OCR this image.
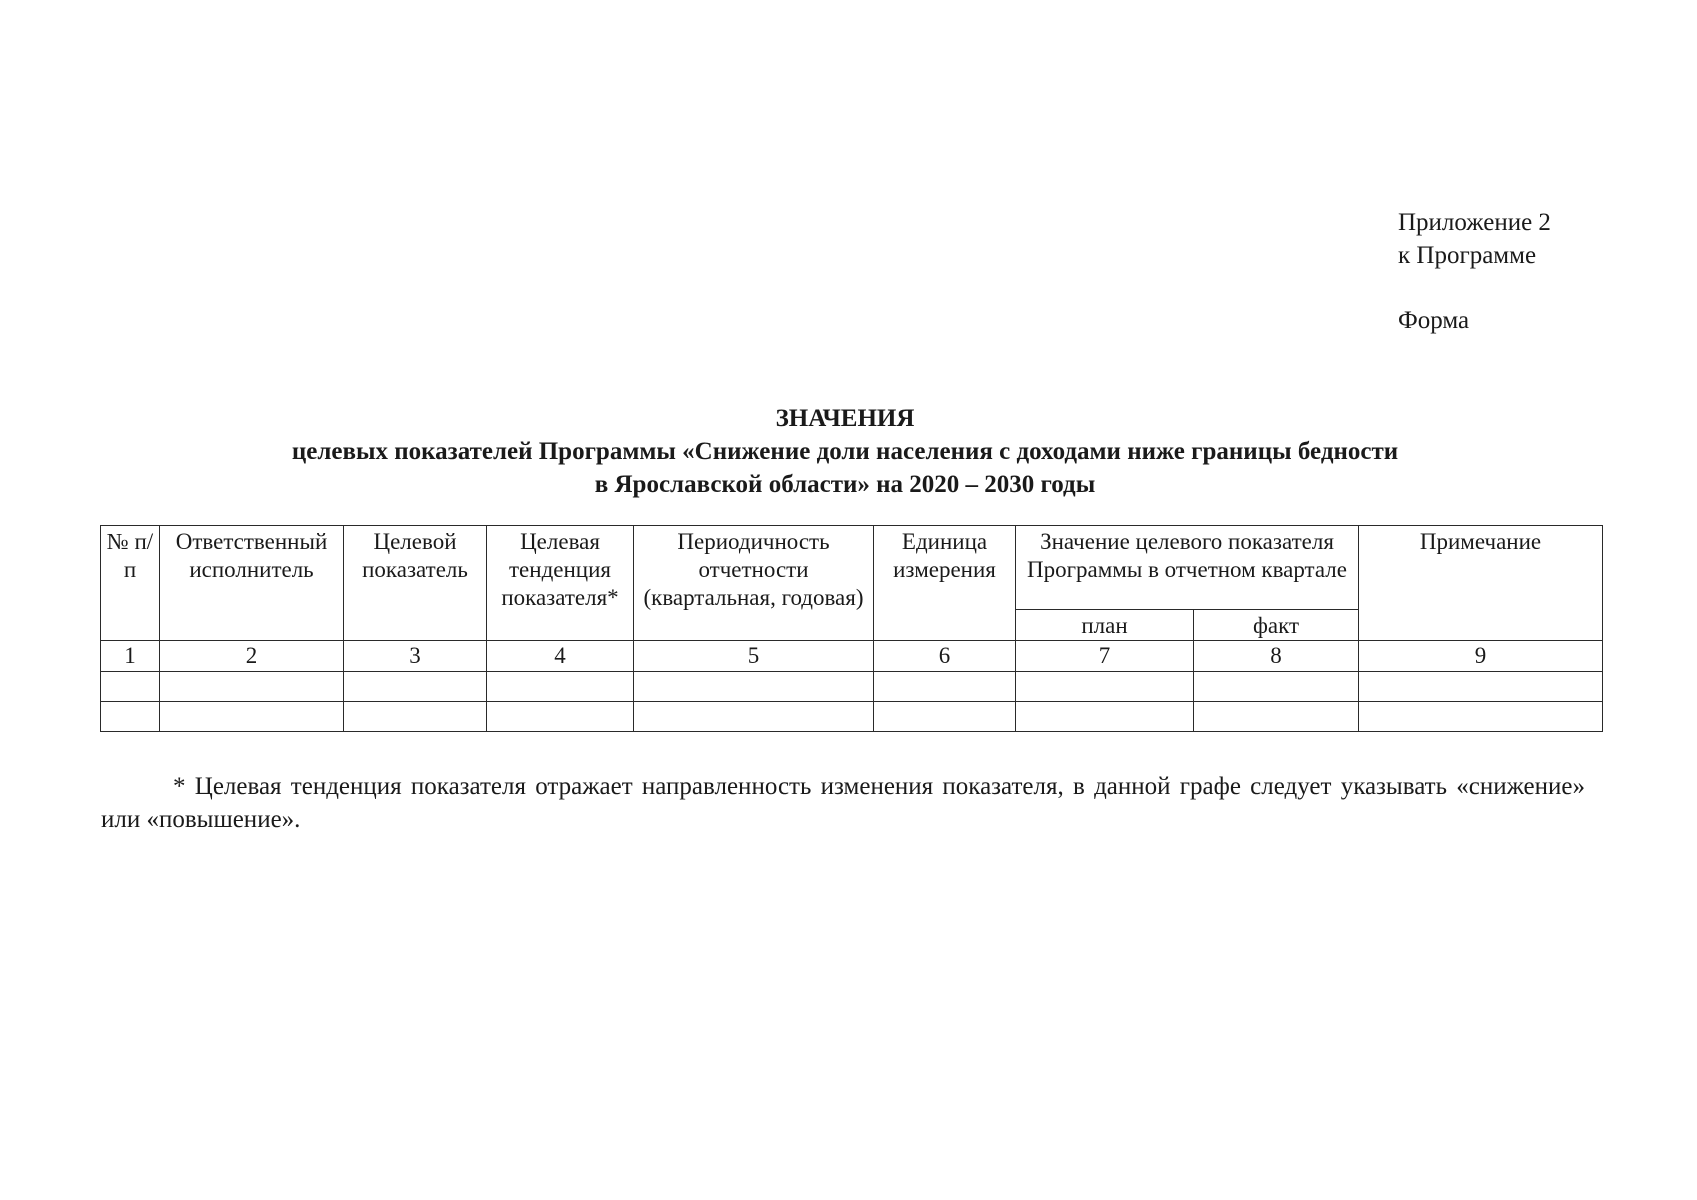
Приложение 2
к Программе
Форма
ЗНАЧЕНИЯ
целевых показателей Программы «Снижение доли населения с доходами ниже границы бедности
в Ярославской области» на 2020 – 2030 годы
№ п/п	Ответственный исполнитель	Целевой показатель	Целевая тенденция показателя*	Периодичность отчетности (квартальная, годовая)	Единица измерения	Значение целевого показателя Программы в отчетном квартале		Примечание
						план	факт	
1	2	3	4	5	6	7	8	9

* Целевая тенденция показателя отражает направленность изменения показателя, в данной графе следует указывать «снижение» или «повышение».
